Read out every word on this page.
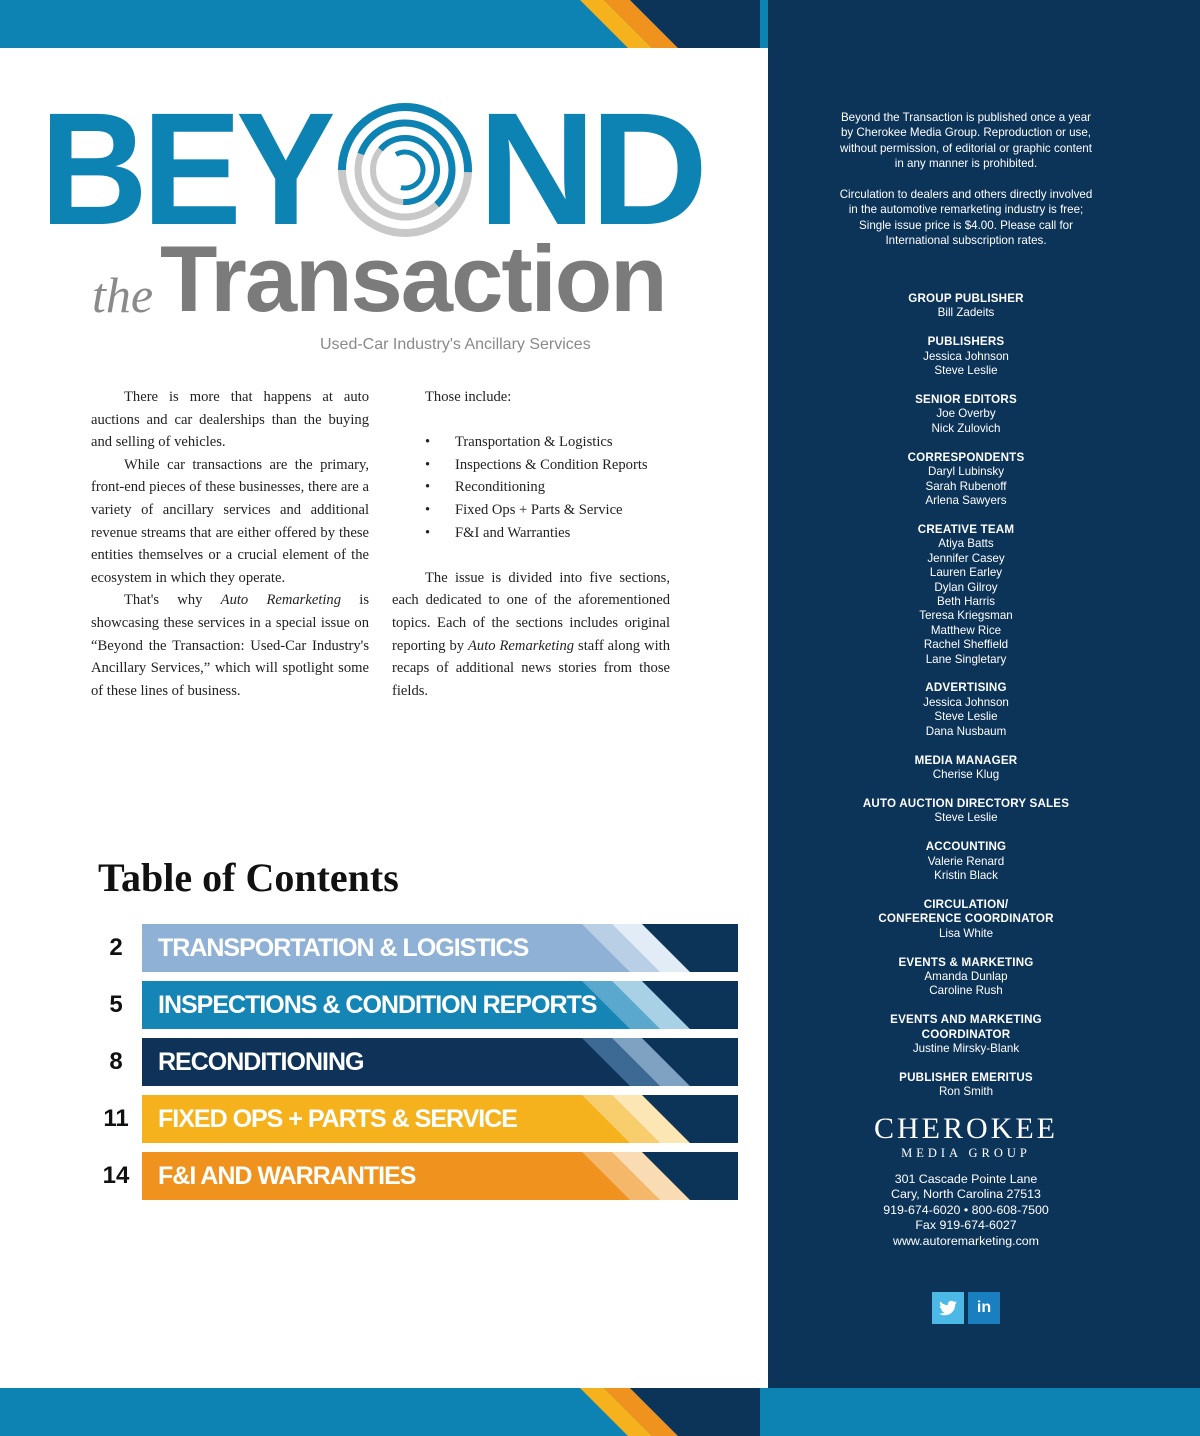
BEY ND
the Transaction
Used-Car Industry's Ancillary Services

There is more that happens at auto auctions and car dealerships than the buying and selling of vehicles.

While car transactions are the primary, front-end pieces of these businesses, there are a variety of ancillary services and additional revenue streams that are either offered by these entities themselves or a crucial element of the ecosystem in which they operate.

That's why Auto Remarketing is showcasing these services in a special issue on “Beyond the Transaction: Used-Car Industry's Ancillary Services,” which will spotlight some of these lines of business.

Those include:

• Transportation & Logistics
• Inspections & Condition Reports
• Reconditioning
• Fixed Ops + Parts & Service
• F&I and Warranties

The issue is divided into five sections, each dedicated to one of the aforementioned topics. Each of the sections includes original reporting by Auto Remarketing staff along with recaps of additional news stories from those fields.

Table of Contents
2	TRANSPORTATION & LOGISTICS
5	INSPECTIONS & CONDITION REPORTS
8	RECONDITIONING
11 FIXED OPS + PARTS & SERVICE
14 F&I AND WARRANTIES
Beyond the Transaction is published once a year by Cherokee Media Group. Reproduction or use, without permission, of editorial or graphic content in any manner is prohibited.
Circulation to dealers and others directly involved in the automotive remarketing industry is free; Single issue price is $4.00. Please call for International subscription rates.
GROUP PUBLISHER
Bill Zadeits
PUBLISHERS
Jessica Johnson
Steve Leslie
SENIOR EDITORS
Joe Overby
Nick Zulovich
CORRESPONDENTS
Daryl Lubinsky
Sarah Rubenoff
Arlena Sawyers
CREATIVE TEAM
Atiya Batts
Jennifer Casey
Lauren Earley
Dylan Gilroy
Beth Harris
Teresa Kriegsman
Matthew Rice
Rachel Sheffield
Lane Singletary
ADVERTISING
Jessica Johnson
Steve Leslie
Dana Nusbaum
MEDIA MANAGER
Cherise Klug
AUTO AUCTION DIRECTORY SALES
Steve Leslie
ACCOUNTING
Valerie Renard
Kristin Black
CIRCULATION/
CONFERENCE COORDINATOR
Lisa White
EVENTS & MARKETING
Amanda Dunlap
Caroline Rush
EVENTS AND MARKETING
COORDINATOR
Justine Mirsky-Blank
PUBLISHER EMERITUS
Ron Smith
CHEROKEE
MEDIA GROUP
301 Cascade Pointe Lane
Cary, North Carolina 27513
919-674-6020 • 800-608-7500
Fax 919-674-6027
www.autoremarketing.com
in
